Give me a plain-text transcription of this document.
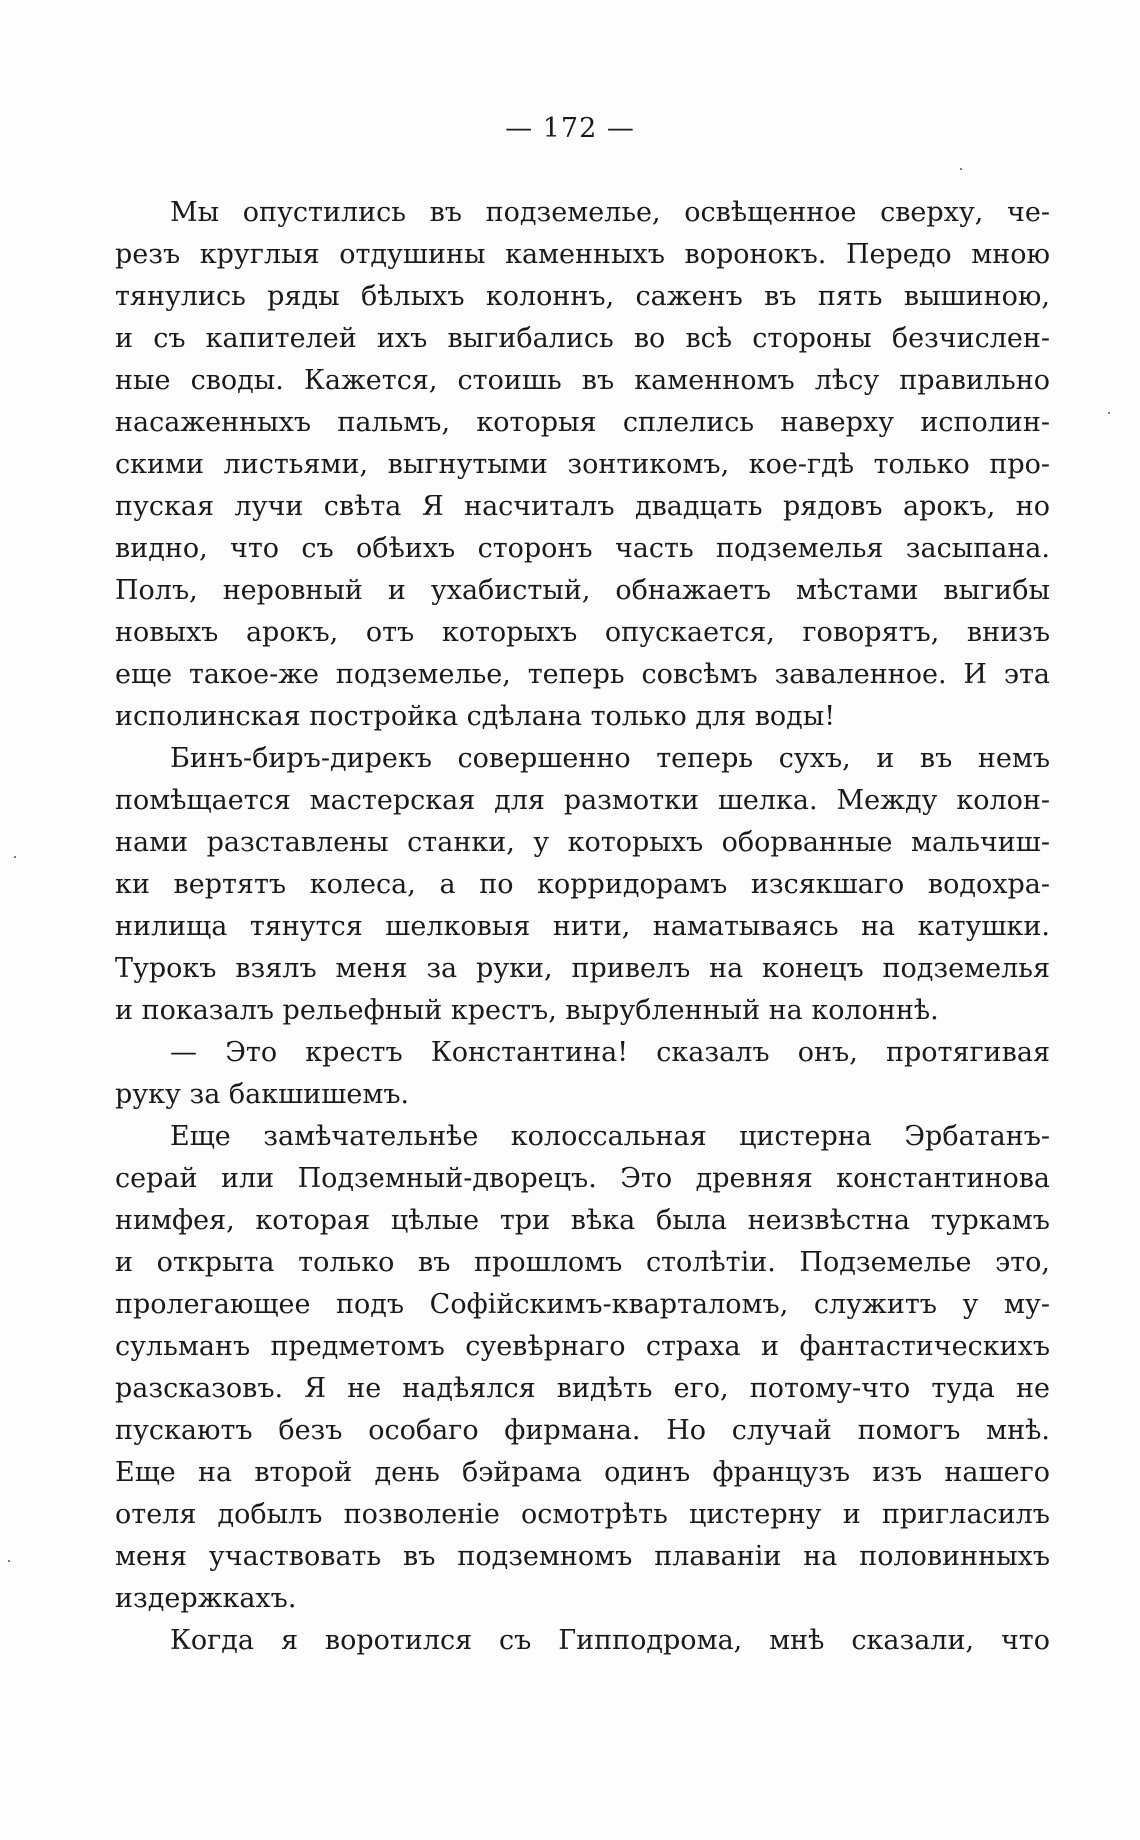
— 172 —
Мы опустились въ подземелье, освѣщенное сверху, че-
резъ круглыя отдушины каменныхъ воронокъ. Передо мною
тянулись ряды бѣлыхъ колоннъ, саженъ въ пять вышиною,
и съ капителей ихъ выгибались во всѣ стороны безчислен-
ные своды. Кажется, стоишь въ каменномъ лѣсу правильно
насаженныхъ пальмъ, которыя сплелись наверху исполин-
скими листьями, выгнутыми зонтикомъ, кое-гдѣ только про-
пуская лучи свѣта Я насчиталъ двадцать рядовъ арокъ, но
видно, что съ обѣихъ сторонъ часть подземелья засыпана.
Полъ, неровный и ухабистый, обнажаетъ мѣстами выгибы
новыхъ арокъ, отъ которыхъ опускается, говорятъ, внизъ
еще такое-же подземелье, теперь совсѣмъ заваленное. И эта
исполинская постройка сдѣлана только для воды!
Бинъ-биръ-дирекъ совершенно теперь сухъ, и въ немъ
помѣщается мастерская для размотки шелка. Между колон-
нами разставлены станки, у которыхъ оборванные мальчиш-
ки вертятъ колеса, а по корридорамъ изсякшаго водохра-
нилища тянутся шелковыя нити, наматываясь на катушки.
Турокъ взялъ меня за руки, привелъ на конецъ подземелья
и показалъ рельефный крестъ, вырубленный на колоннѣ.
— Это крестъ Константина! сказалъ онъ, протягивая
руку за бакшишемъ.
Еще замѣчательнѣе колоссальная цистерна Эрбатанъ-
серай или Подземный-дворецъ. Это древняя константинова
нимфея, которая цѣлые три вѣка была неизвѣстна туркамъ
и открыта только въ прошломъ столѣтіи. Подземелье это,
пролегающее подъ Софійскимъ-кварталомъ, служитъ у му-
сульманъ предметомъ суевѣрнаго страха и фантастическихъ
разсказовъ. Я не надѣялся видѣть его, потому-что туда не
пускаютъ безъ особаго фирмана. Но случай помогъ мнѣ.
Еще на второй день бэйрама одинъ французъ изъ нашего
отеля добылъ позволеніе осмотрѣть цистерну и пригласилъ
меня участвовать въ подземномъ плаваніи на половинныхъ
издержкахъ.
Когда я воротился съ Гипподрома, мнѣ сказали, что
